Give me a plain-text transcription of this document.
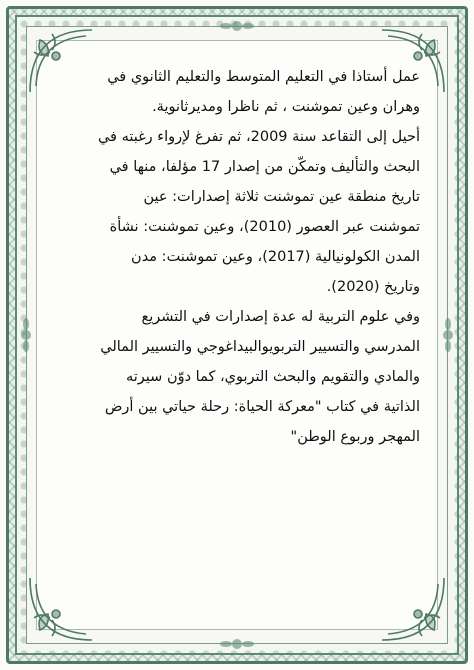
عمل أستاذا في التعليم المتوسط والتعليم الثانوي في
وهران وعين تموشنت ، ثم ناظرا ومديرثانوية.
أحيل إلى التقاعد سنة 2009، ثم تفرغ لإرواء رغبته في
البحث والتأليف وتمكّن من إصدار 17 مؤلفا، منها في
تاريخ منطقة عين تموشنت ثلاثة إصدارات: عين
تموشنت عبر العصور (2010)، وعين تموشنت: نشأة
المدن الكولونيالية (2017)، وعين تموشنت: مدن
وتاريخ (2020).
وفي علوم التربية له عدة إصدارات في التشريع
المدرسي والتسيير التربويوالبيداغوجي والتسيير المالي
والمادي والتقويم والبحث التربوي، كما دوّن سيرته
الذاتية في كتاب "معركة الحياة: رحلة حياتي بين أرض
المهجر وربوع الوطن"
